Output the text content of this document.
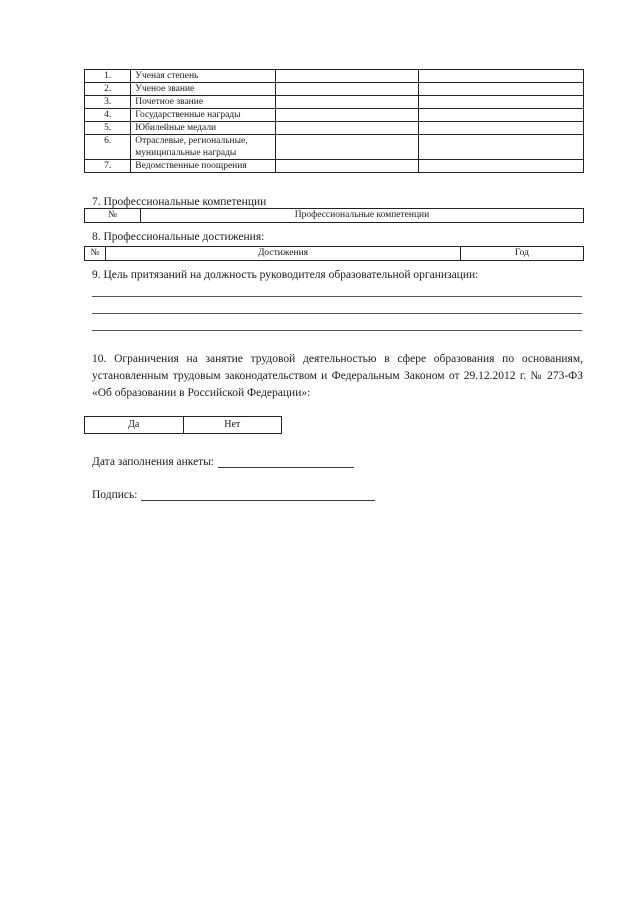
1.	Ученая степень		
2.	Ученое звание		
3.	Почетное звание		
4.	Государственные награды		
5.	Юбилейные медали		
6.	Отраслевые, региональные, муниципальные награды		
7.	Ведомственные поощрения		
7. Профессиональные компетенции
№	Профессиональные компетенции
8. Профессиональные достижения:
№	Достижения	Год
9. Цель притязаний на должность руководителя образовательной организации:

10. Ограничения на занятие трудовой деятельностью в сфере образования по основаниям, установленным трудовым законодательством и Федеральным Законом от 29.12.2012 г. № 273-ФЗ «Об образовании в Российской Федерации»:

Да	Нет
Дата заполнения анкеты:
Подпись:
